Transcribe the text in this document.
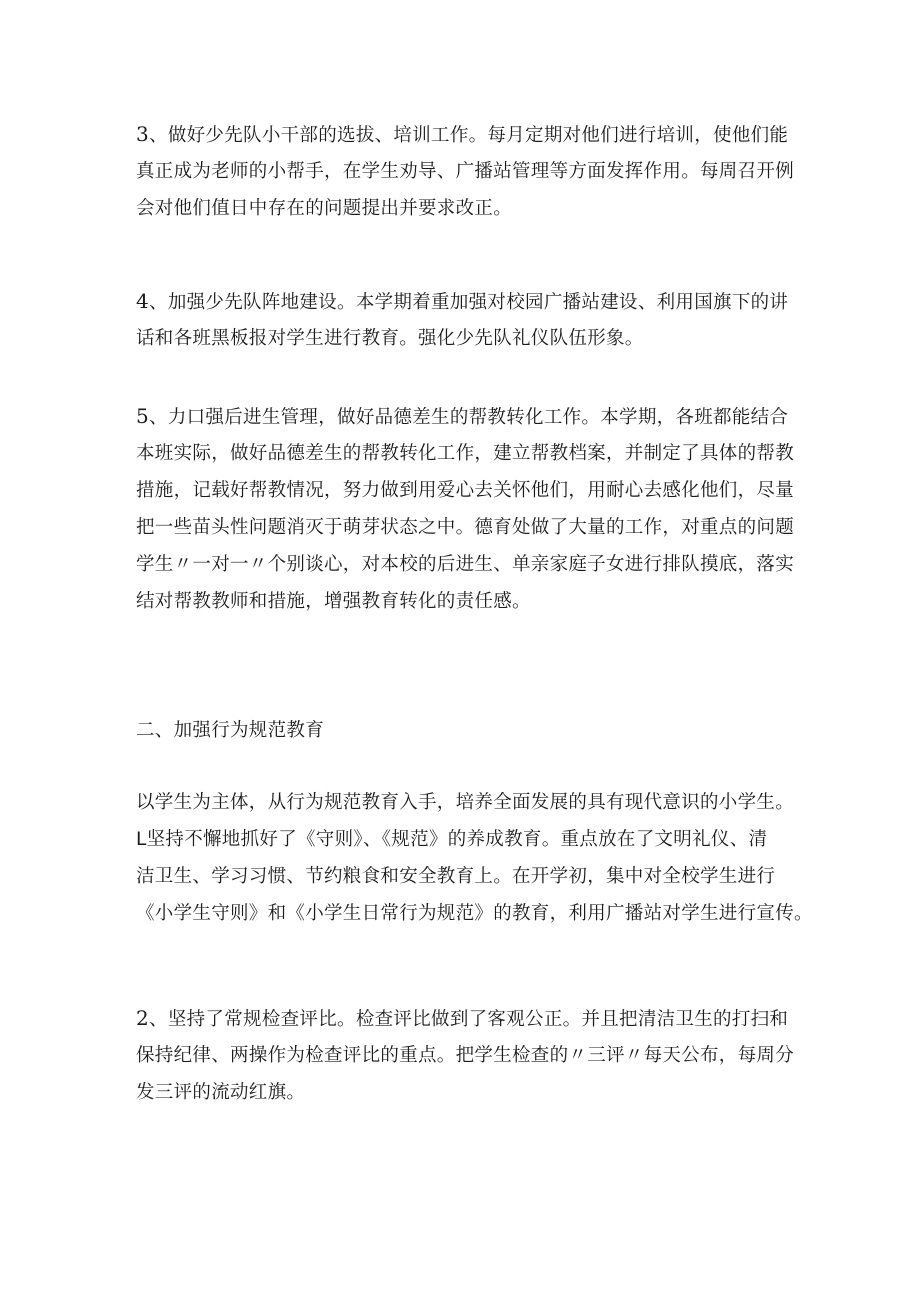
3、做好少先队小干部的选拔、培训工作。每月定期对他们进行培训，使他们能
真正成为老师的小帮手，在学生劝导、广播站管理等方面发挥作用。每周召开例
会对他们值日中存在的问题提出并要求改正。

4、加强少先队阵地建设。本学期着重加强对校园广播站建设、利用国旗下的讲
话和各班黑板报对学生进行教育。强化少先队礼仪队伍形象。

5、力口强后进生管理，做好品德差生的帮教转化工作。本学期，各班都能结合
本班实际，做好品德差生的帮教转化工作，建立帮教档案，并制定了具体的帮教
措施，记载好帮教情况，努力做到用爱心去关怀他们，用耐心去感化他们，尽量
把一些苗头性问题消灭于萌芽状态之中。德育处做了大量的工作，对重点的问题
学生〃一对一〃个别谈心，对本校的后进生、单亲家庭子女进行排队摸底，落实
结对帮教教师和措施，增强教育转化的责任感。

二、加强行为规范教育

以学生为主体，从行为规范教育入手，培养全面发展的具有现代意识的小学生。
L坚持不懈地抓好了《守则》、《规范》的养成教育。重点放在了文明礼仪、清
洁卫生、学习习惯、节约粮食和安全教育上。在开学初，集中对全校学生进行
《小学生守则》和《小学生日常行为规范》的教育，利用广播站对学生进行宣传。

2、坚持了常规检查评比。检查评比做到了客观公正。并且把清洁卫生的打扫和
保持纪律、两操作为检查评比的重点。把学生检查的〃三评〃每天公布，每周分
发三评的流动红旗。
